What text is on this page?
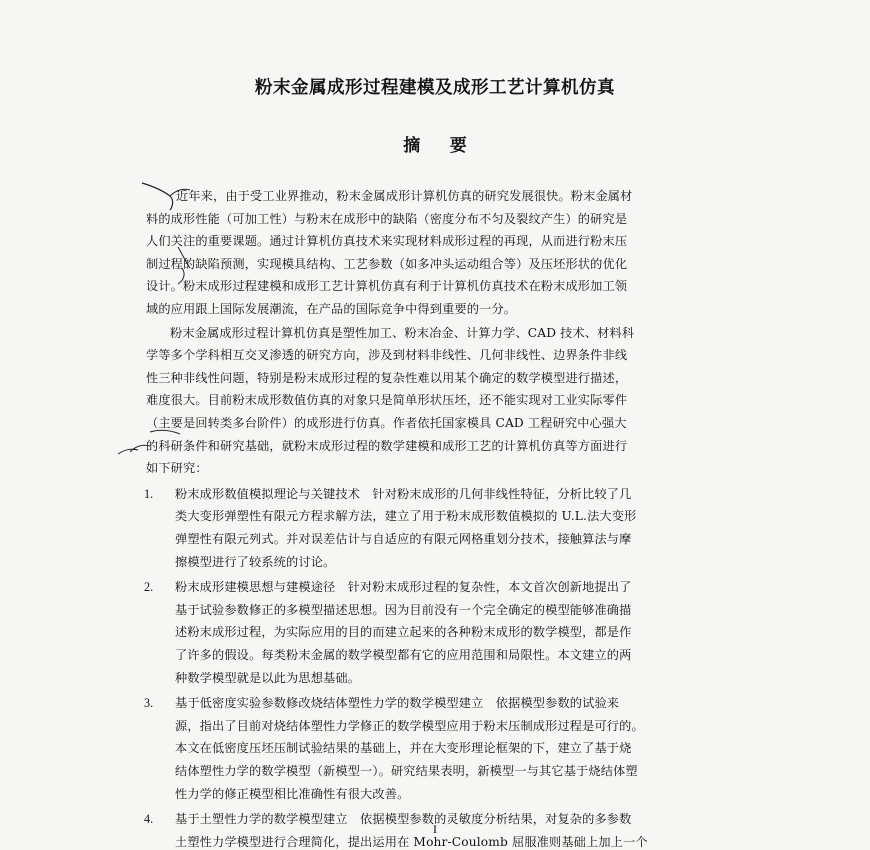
粉末金属成形过程建模及成形工艺计算机仿真
摘     要
近年来，由于受工业界推动，粉末金属成形计算机仿真的研究发展很快。粉末金属材
料的成形性能（可加工性）与粉末在成形中的缺陷（密度分布不匀及裂纹产生）的研究是
人们关注的重要课题。通过计算机仿真技术来实现材料成形过程的再现，从而进行粉末压
制过程的缺陷预测，实现模具结构、工艺参数（如多冲头运动组合等）及压坯形状的优化
设计。粉末成形过程建模和成形工艺计算机仿真有利于计算机仿真技术在粉末成形加工领
域的应用跟上国际发展潮流，在产品的国际竞争中得到重要的一分。
粉末金属成形过程计算机仿真是塑性加工、粉末冶金、计算力学、CAD 技术、材料科
学等多个学科相互交叉渗透的研究方向，涉及到材料非线性、几何非线性、边界条件非线
性三种非线性问题，特别是粉末成形过程的复杂性难以用某个确定的数学模型进行描述，
难度很大。目前粉末成形数值仿真的对象只是简单形状压坯，还不能实现对工业实际零件
（主要是回转类多台阶件）的成形进行仿真。作者依托国家模具 CAD 工程研究中心强大
的科研条件和研究基础，就粉末成形过程的数学建模和成形工艺的计算机仿真等方面进行
如下研究：
1. 粉末成形数值模拟理论与关键技术　针对粉末成形的几何非线性特征，分析比较了几
类大变形弹塑性有限元方程求解方法，建立了用于粉末成形数值模拟的 U.L.法大变形
弹塑性有限元列式。并对误差估计与自适应的有限元网格重划分技术，接触算法与摩
擦模型进行了较系统的讨论。
2. 粉末成形建模思想与建模途径　针对粉末成形过程的复杂性，本文首次创新地提出了
基于试验参数修正的多模型描述思想。因为目前没有一个完全确定的模型能够准确描
述粉末成形过程，为实际应用的目的而建立起来的各种粉末成形的数学模型，都是作
了许多的假设。每类粉末金属的数学模型都有它的应用范围和局限性。本文建立的两
种数学模型就是以此为思想基础。
3. 基于低密度实验参数修改烧结体塑性力学的数学模型建立　依据模型参数的试验来
源，指出了目前对烧结体塑性力学修正的数学模型应用于粉末压制成形过程是可行的。
本文在低密度压坯压制试验结果的基础上，并在大变形理论框架的下，建立了基于烧
结体塑性力学的数学模型（新模型一）。研究结果表明，新模型一与其它基于烧结体塑
性力学的修正模型相比准确性有很大改善。
4. 基于土塑性力学的数学模型建立　依据模型参数的灵敏度分析结果，对复杂的多参数
土塑性力学模型进行合理简化，提出运用在 Mohr-Coulomb 屈服准则基础上加上一个
I
